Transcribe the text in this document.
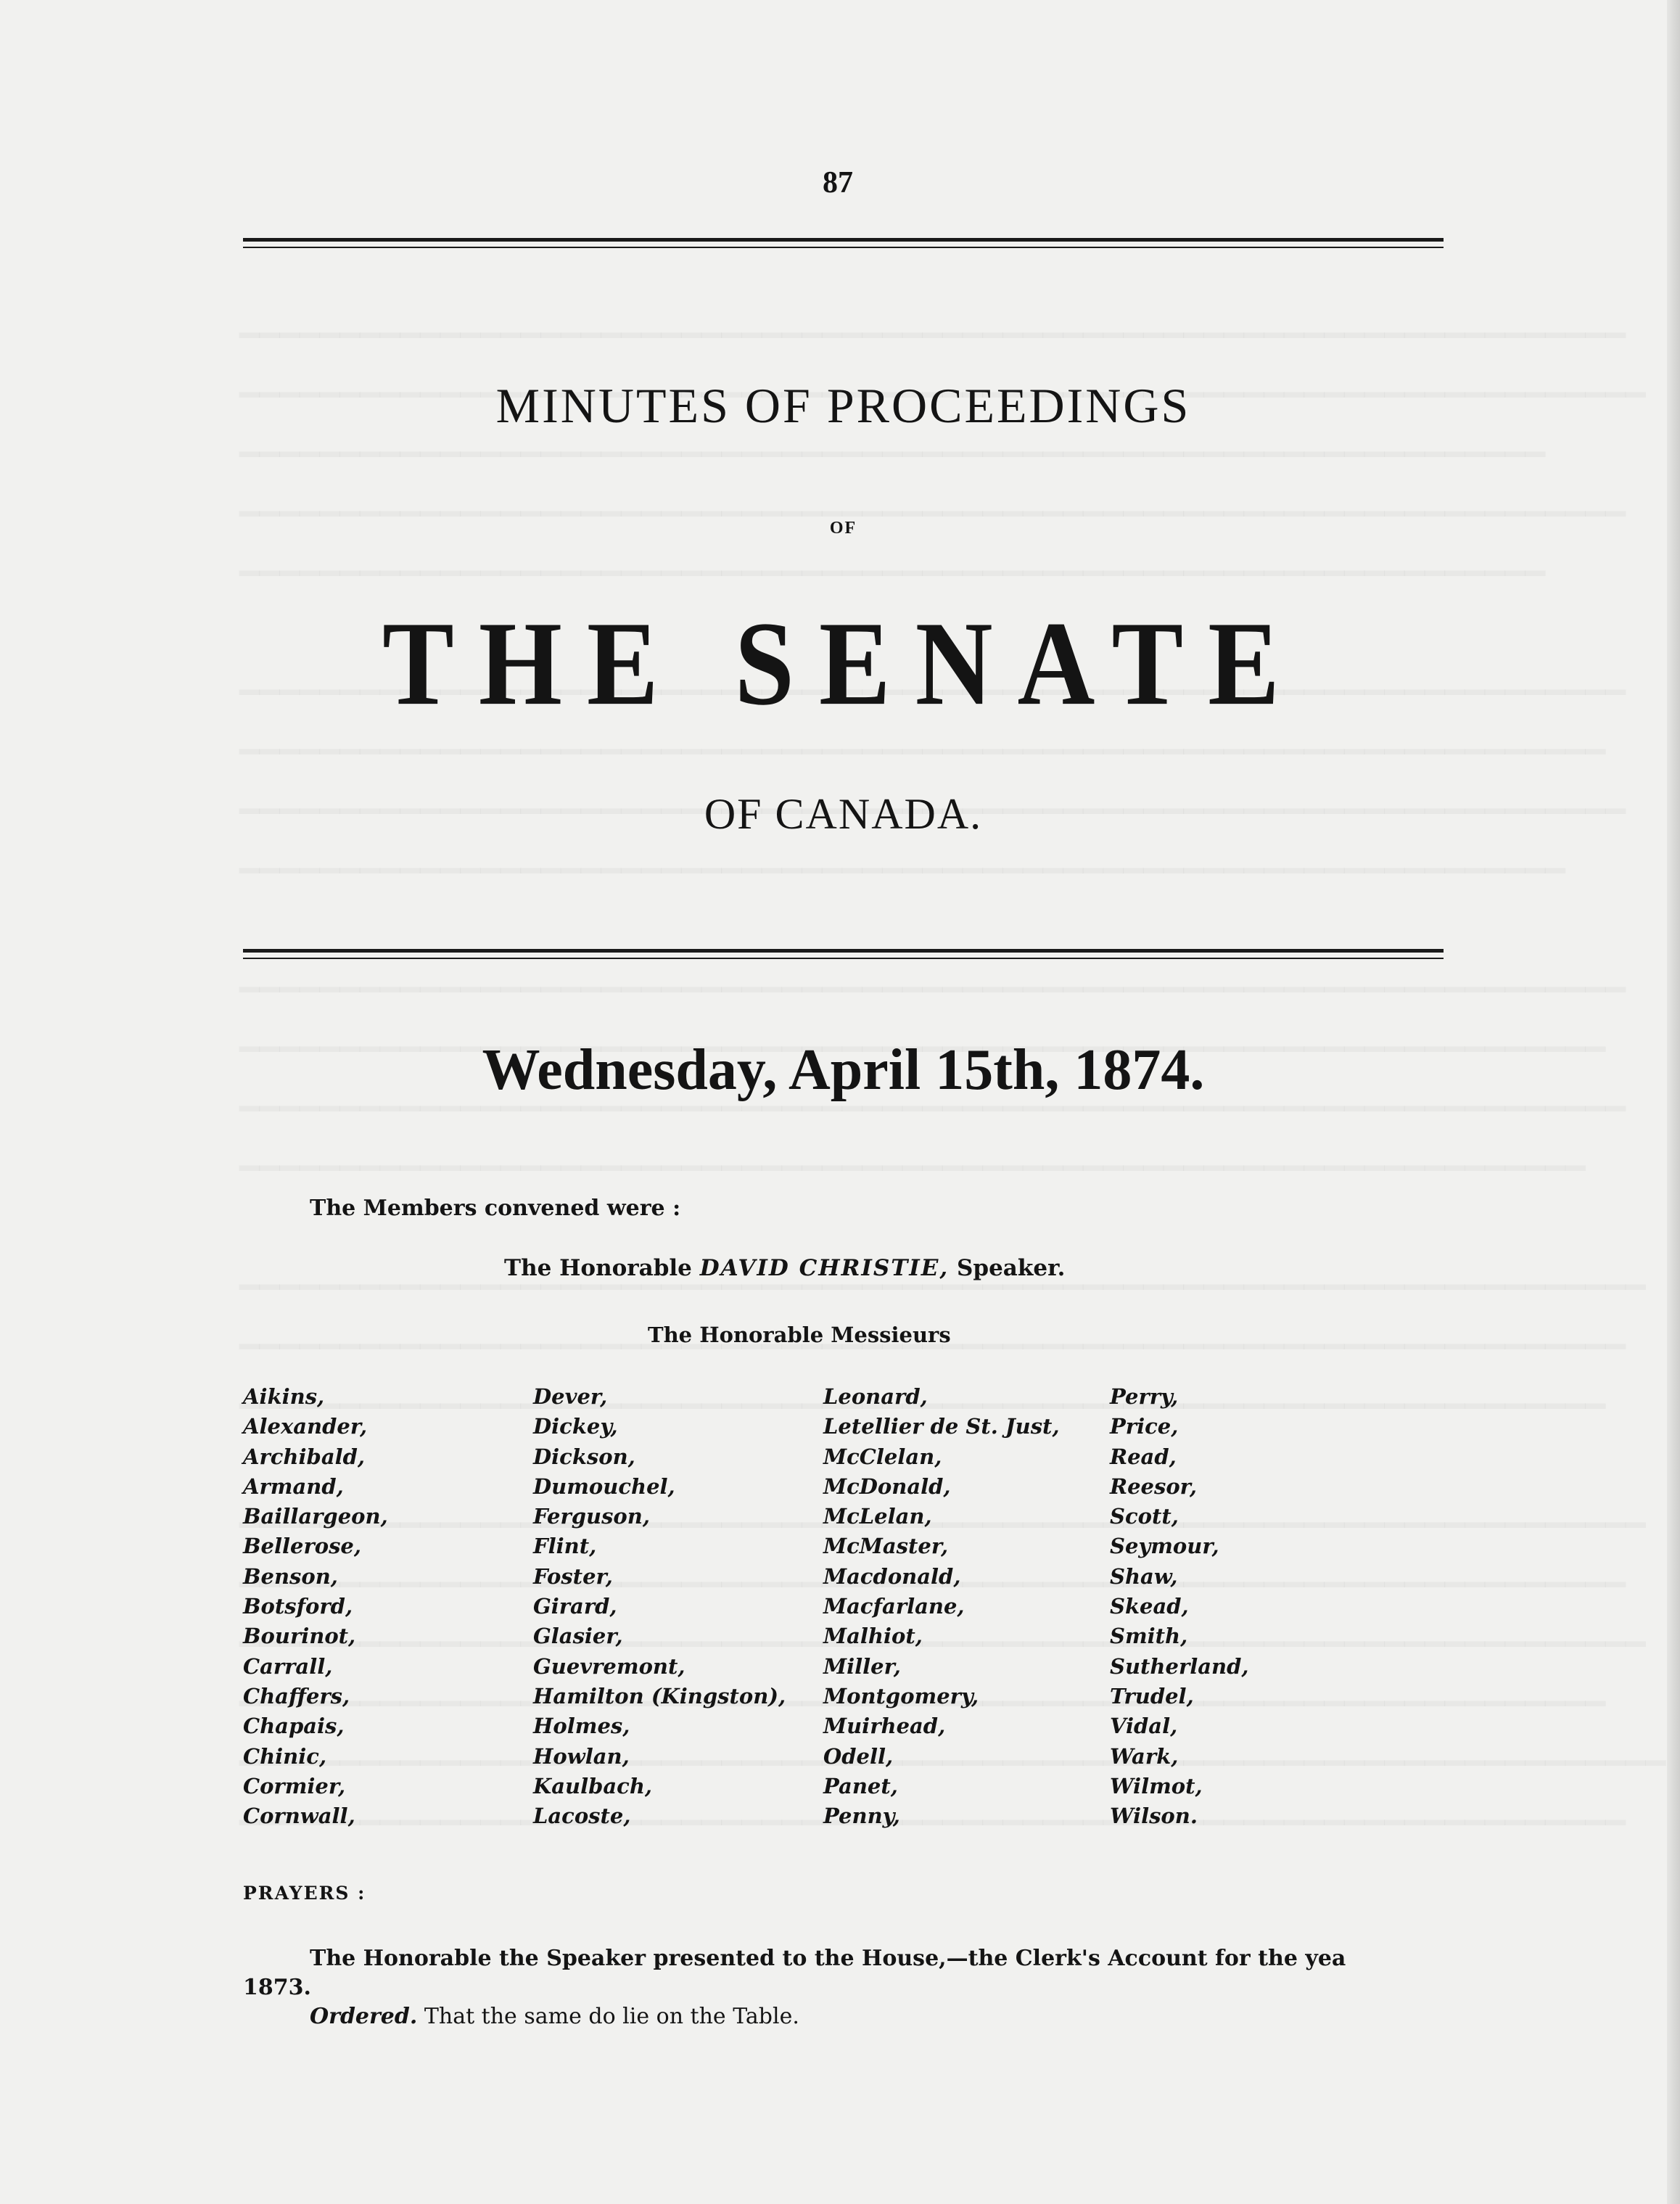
87
MINUTES OF PROCEEDINGS
OF
THE SENATE
OF CANADA.
Wednesday, April 15th, 1874.
The Members convened were :
The Honorable DAVID CHRISTIE, Speaker.
The Honorable Messieurs
Aikins,
Alexander,
Archibald,
Armand,
Baillargeon,
Bellerose,
Benson,
Botsford,
Bourinot,
Carrall,
Chaffers,
Chapais,
Chinic,
Cormier,
Cornwall,
Dever,
Dickey,
Dickson,
Dumouchel,
Ferguson,
Flint,
Foster,
Girard,
Glasier,
Guevremont,
Hamilton (Kingston),
Holmes,
Howlan,
Kaulbach,
Lacoste,
Leonard,
Letellier de St. Just,
McClelan,
McDonald,
McLelan,
McMaster,
Macdonald,
Macfarlane,
Malhiot,
Miller,
Montgomery,
Muirhead,
Odell,
Panet,
Penny,
Perry,
Price,
Read,
Reesor,
Scott,
Seymour,
Shaw,
Skead,
Smith,
Sutherland,
Trudel,
Vidal,
Wark,
Wilmot,
Wilson.
PRAYERS :
The Honorable the Speaker presented to the House,—the Clerk's Account for the yea
1873.
Ordered. That the same do lie on the Table.
